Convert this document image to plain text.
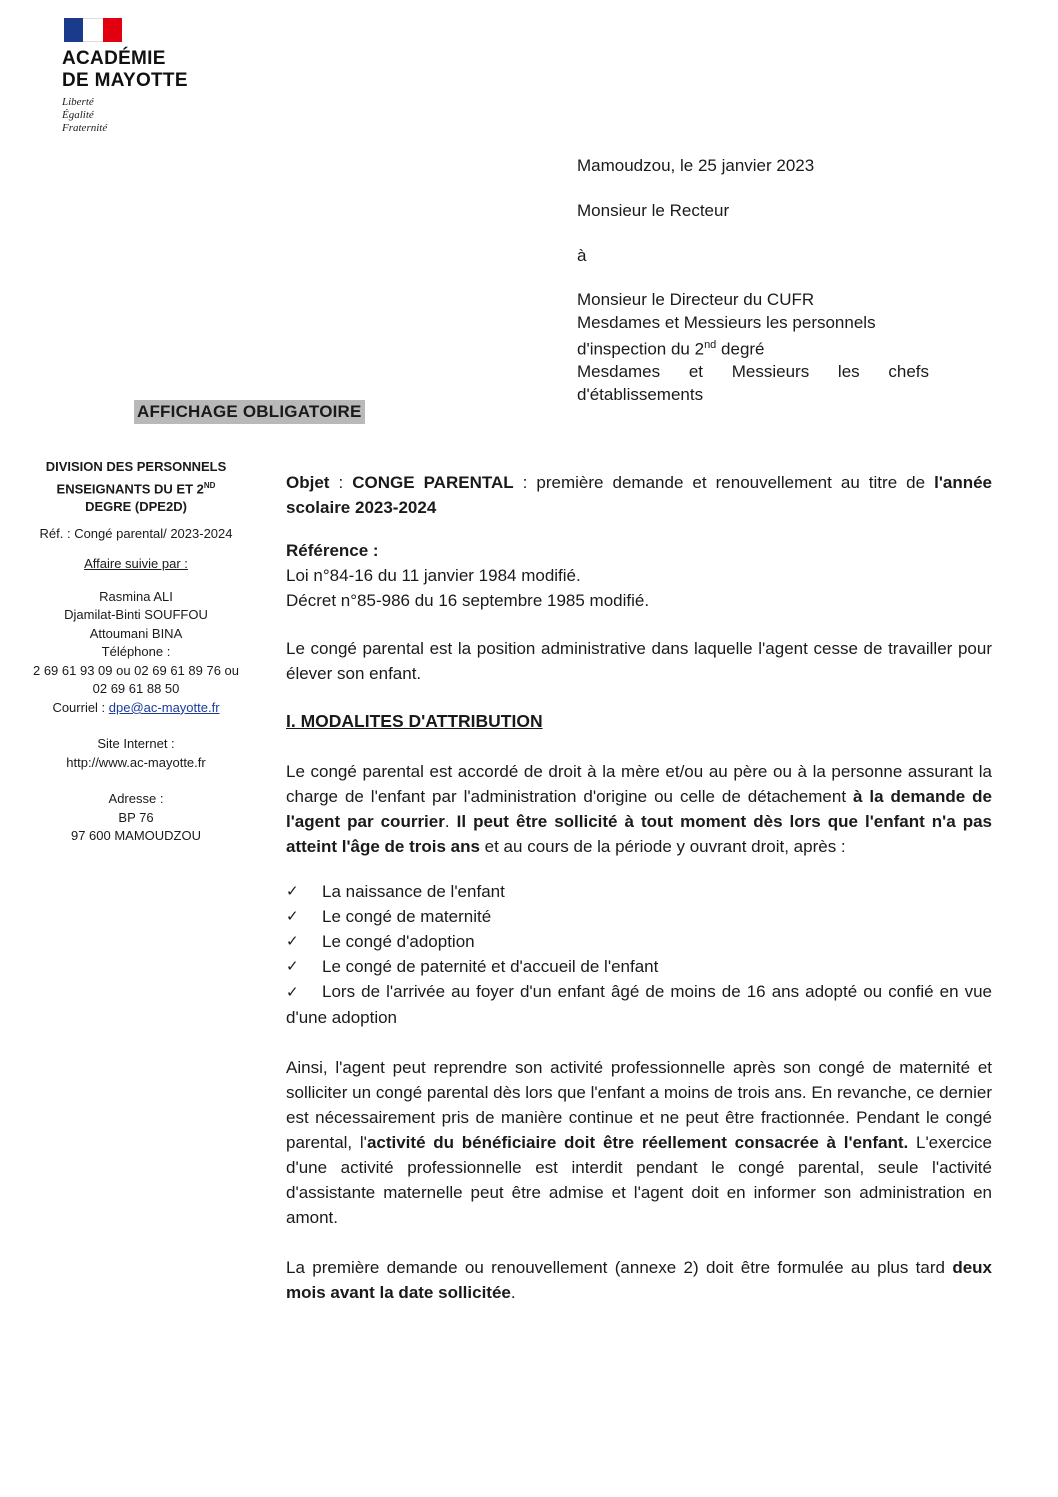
ACADÉMIE
DE MAYOTTE
Liberté
Égalité
Fraternité
Mamoudzou, le 25 janvier 2023
Monsieur le Recteur
à
Monsieur le Directeur du CUFR
Mesdames et Messieurs les personnels
d'inspection du 2nd degré
Mesdames et Messieurs les chefs
d'établissements
AFFICHAGE OBLIGATOIRE
DIVISION DES PERSONNELS
ENSEIGNANTS DU ET 2ND
DEGRE (DPE2D)
Réf. : Congé parental/ 2023-2024
Affaire suivie par :
Rasmina ALI
Djamilat-Binti SOUFFOU
Attoumani BINA
Téléphone :
2 69 61 93 09 ou 02 69 61 89 76 ou
02 69 61 88 50
Courriel : dpe@ac-mayotte.fr
Site Internet :
http://www.ac-mayotte.fr
Adresse :
BP 76
97 600 MAMOUDZOU

Objet : CONGE PARENTAL : première demande et renouvellement au titre de l'année scolaire 2023-2024

Référence :
Loi n°84-16 du 11 janvier 1984 modifié.
Décret n°85-986 du 16 septembre 1985 modifié.

Le congé parental est la position administrative dans laquelle l'agent cesse de travailler pour élever son enfant.

I. MODALITES D'ATTRIBUTION

Le congé parental est accordé de droit à la mère et/ou au père ou à la personne assurant la charge de l'enfant par l'administration d'origine ou celle de détachement à la demande de l'agent par courrier. Il peut être sollicité à tout moment dès lors que l'enfant n'a pas atteint l'âge de trois ans et au cours de la période y ouvrant droit, après :

✓	La naissance de l'enfant
✓	Le congé de maternité
✓	Le congé d'adoption
✓	Le congé de paternité et d'accueil de l'enfant

✓ Lors de l'arrivée au foyer d'un enfant âgé de moins de 16 ans adopté ou confié en vue d'une adoption

Ainsi, l'agent peut reprendre son activité professionnelle après son congé de maternité et solliciter un congé parental dès lors que l'enfant a moins de trois ans. En revanche, ce dernier est nécessairement pris de manière continue et ne peut être fractionnée. Pendant le congé parental, l'activité du bénéficiaire doit être réellement consacrée à l'enfant. L'exercice d'une activité professionnelle est interdit pendant le congé parental, seule l'activité d'assistante maternelle peut être admise et l'agent doit en informer son administration en amont.

La première demande ou renouvellement (annexe 2) doit être formulée au plus tard deux mois avant la date sollicitée.
